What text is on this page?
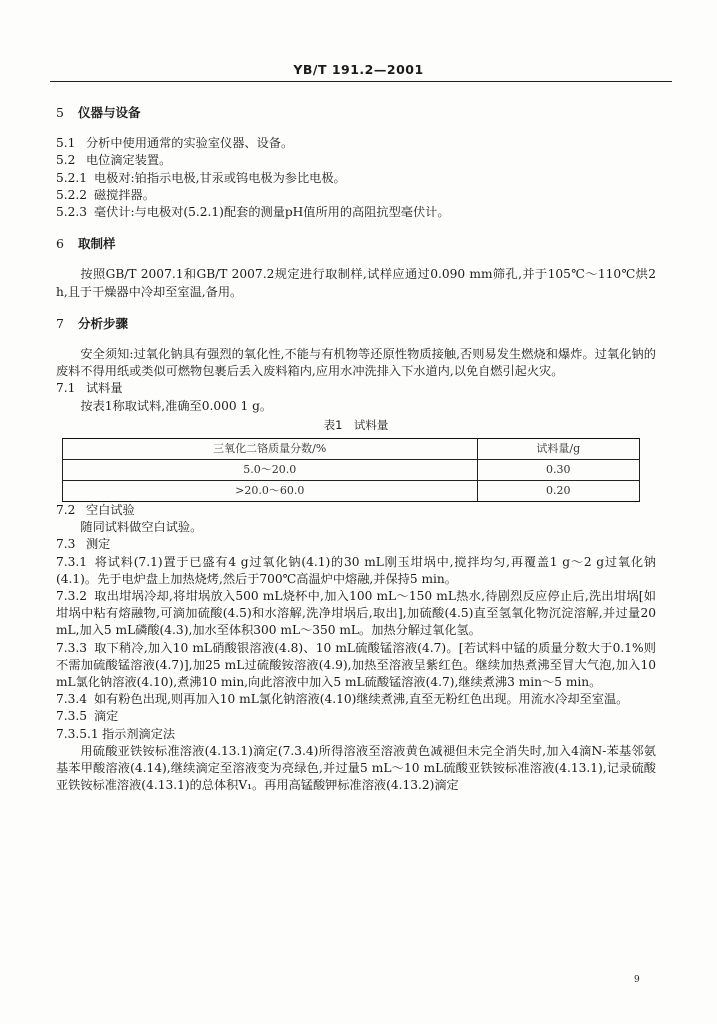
YB/T 191.2—2001

5 仪器与设备

5.1 分析中使用通常的实验室仪器、设备。

5.2 电位滴定装置。

5.2.1 电极对:铂指示电极,甘汞或钨电极为参比电极。

5.2.2 磁搅拌器。

5.2.3 毫伏计:与电极对(5.2.1)配套的测量pH值所用的高阻抗型毫伏计。

6 取制样

按照GB/T 2007.1和GB/T 2007.2规定进行取制样,试样应通过0.090 mm筛孔,并于105℃～110℃烘2 h,且于干燥器中冷却至室温,备用。

7 分析步骤

安全须知:过氧化钠具有强烈的氧化性,不能与有机物等还原性物质接触,否则易发生燃烧和爆炸。过氧化钠的废料不得用纸或类似可燃物包裹后丢入废料箱内,应用水冲洗排入下水道内,以免自燃引起火灾。

7.1 试料量

按表1称取试料,准确至0.000 1 g。

表1　试料量
三氧化二铬质量分数/%	试料量/g
5.0～20.0	0.30
>20.0～60.0	0.20

7.2 空白试验

随同试料做空白试验。

7.3 测定

7.3.1 将试料(7.1)置于已盛有4 g过氧化钠(4.1)的30 mL刚玉坩埚中,搅拌均匀,再覆盖1 g～2 g过氧化钠(4.1)。先于电炉盘上加热烧烤,然后于700℃高温炉中熔融,并保持5 min。

7.3.2 取出坩埚冷却,将坩埚放入500 mL烧杯中,加入100 mL～150 mL热水,待剧烈反应停止后,洗出坩埚[如坩埚中粘有熔融物,可滴加硫酸(4.5)和水溶解,洗净坩埚后,取出],加硫酸(4.5)直至氢氧化物沉淀溶解,并过量20 mL,加入5 mL磷酸(4.3),加水至体积300 mL～350 mL。加热分解过氧化氢。

7.3.3 取下稍冷,加入10 mL硝酸银溶液(4.8)、10 mL硫酸锰溶液(4.7)。[若试料中锰的质量分数大于0.1%则不需加硫酸锰溶液(4.7)],加25 mL过硫酸铵溶液(4.9),加热至溶液呈紫红色。继续加热煮沸至冒大气泡,加入10 mL氯化钠溶液(4.10),煮沸10 min,向此溶液中加入5 mL硫酸锰溶液(4.7),继续煮沸3 min～5 min。

7.3.4 如有粉色出现,则再加入10 mL氯化钠溶液(4.10)继续煮沸,直至无粉红色出现。用流水冷却至室温。

7.3.5 滴定

7.3.5.1 指示剂滴定法

用硫酸亚铁铵标准溶液(4.13.1)滴定(7.3.4)所得溶液至溶液黄色减褪但未完全消失时,加入4滴N-苯基邻氨基苯甲酸溶液(4.14),继续滴定至溶液变为亮绿色,并过量5 mL～10 mL硫酸亚铁铵标准溶液(4.13.1),记录硫酸亚铁铵标准溶液(4.13.1)的总体积V₁。再用高锰酸钾标准溶液(4.13.2)滴定

9
